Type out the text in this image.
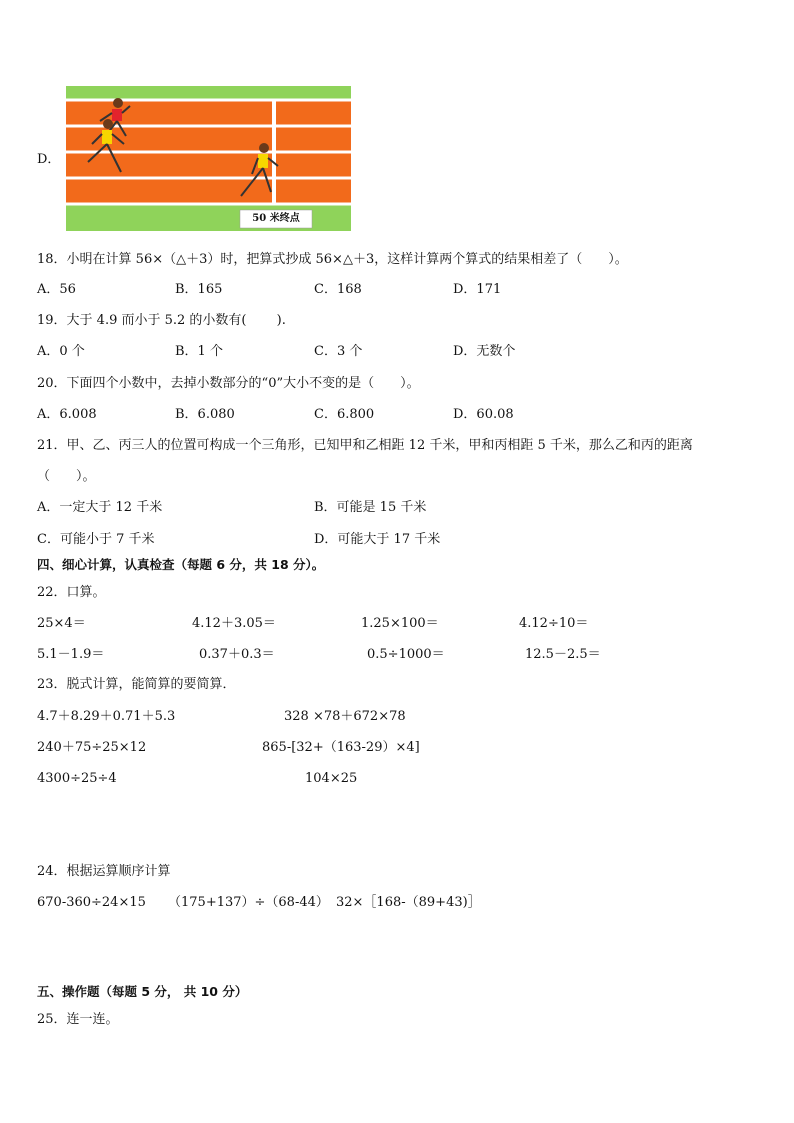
D．
50 米终点
18．小明在计算 56×（△＋3）时，把算式抄成 56×△＋3，这样计算两个算式的结果相差了（　　）。
A．56	B．165	C．168	D．171
19．大于 4.9 而小于 5.2 的小数有(　　 ).
A．0 个	B．1 个	C．3 个	D．无数个
20．下面四个小数中，去掉小数部分的“0”大小不变的是（　　）。
A．6.008	B．6.080	C．6.800	D．60.08
21．甲、乙、丙三人的位置可构成一个三角形，已知甲和乙相距 12 千米，甲和丙相距 5 千米，那么乙和丙的距离
（　　）。
A．一定大于 12 千米	B．可能是 15 千米
C．可能小于 7 千米	D．可能大于 17 千米
四、细心计算，认真检查（每题 6 分，共 18 分）。
22．口算。
25×4＝	4.12＋3.05＝	1.25×100＝	4.12÷10＝
5.1－1.9＝	0.37＋0.3＝	0.5÷1000＝	12.5－2.5＝
23．脱式计算，能简算的要简算．
4.7＋8.29＋0.71＋5.3	328 ×78＋672×78
240＋75÷25×12	865-[32+（163-29）×4]
4300÷25÷4	104×25
24．根据运算顺序计算
670-360÷24×15 （175+137）÷（68-44） 32×［168-（89+43)］
五、操作题（每题 5 分， 共 10 分）
25．连一连。
